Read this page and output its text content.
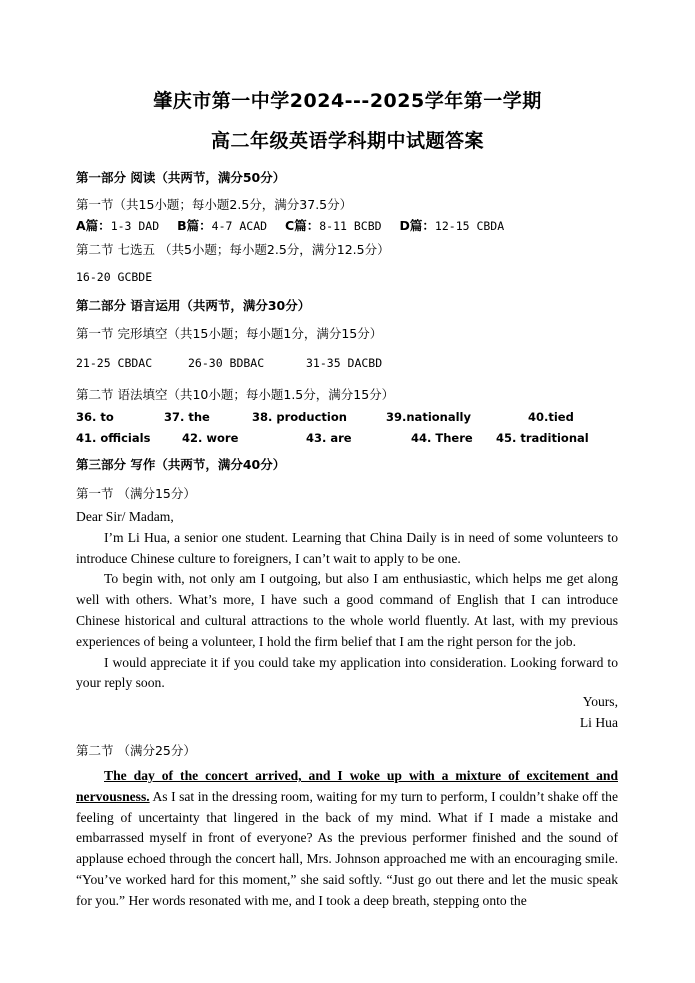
肇庆市第一中学2024---2025学年第一学期
高二年级英语学科期中试题答案
第一部分 阅读（共两节，满分50分）
第一节（共15小题；每小题2.5分，满分37.5分）
A篇：1-3 DAD B篇：4-7 ACAD C篇：8-11 BCBD D篇：12-15 CBDA
第二节 七选五 （共5小题；每小题2.5分，满分12.5分）
16-20 GCBDE
第二部分 语言运用（共两节，满分30分）
第一节 完形填空（共15小题；每小题1分，满分15分）
21-25 CBDAC	26-30 BDBAC	31-35 DACBD
第二节 语法填空（共10小题；每小题1.5分，满分15分）
36. to	37. the	38. production	39.nationally	40.tied
41. officials	42. wore	43. are	44. There 45. traditional
第三部分 写作（共两节，满分40分）
第一节 （满分15分）
Dear Sir/ Madam,
I’m Li Hua, a senior one student. Learning that China Daily is in need of some volunteers to introduce Chinese culture to foreigners, I can’t wait to apply to be one.
To begin with, not only am I outgoing, but also I am enthusiastic, which helps me get along well with others. What’s more, I have such a good command of English that I can introduce Chinese historical and cultural attractions to the whole world fluently. At last, with my previous experiences of being a volunteer, I hold the firm belief that I am the right person for the job.
I would appreciate it if you could take my application into consideration. Looking forward to your reply soon.
Yours,
Li Hua
第二节 （满分25分）
The day of the concert arrived, and I woke up with a mixture of excitement and nervousness. As I sat in the dressing room, waiting for my turn to perform, I couldn’t shake off the feeling of uncertainty that lingered in the back of my mind. What if I made a mistake and embarrassed myself in front of everyone? As the previous performer finished and the sound of applause echoed through the concert hall, Mrs. Johnson approached me with an encouraging smile. “You’ve worked hard for this moment,” she said softly. “Just go out there and let the music speak for you.” Her words resonated with me, and I took a deep breath, stepping onto the
